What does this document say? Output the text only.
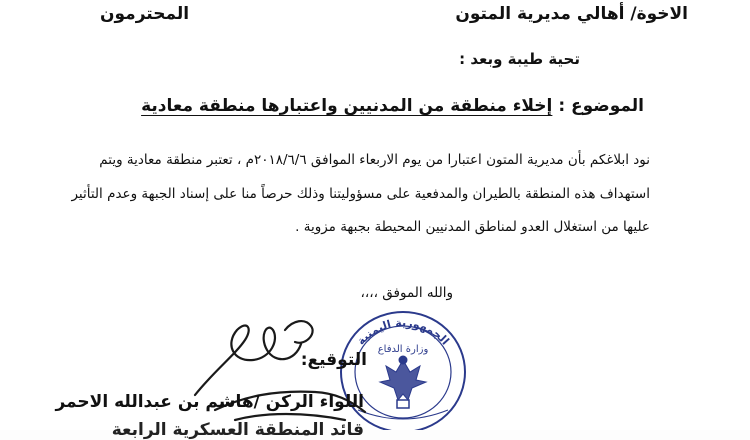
الاخوة/ أهالي مديرية المتون
المحترمون
تحية طيبة وبعد :
الموضوع : إخلاء منطقة من المدنيين واعتبارها منطقة معادية
نود ابلاغكم بأن مديرية المتون اعتبارا من يوم الاربعاء الموافق ٢٠١٨/٦/٦م ، تعتبر منطقة معادية ويتم
استهداف هذه المنطقة بالطيران والمدفعية على مسؤوليتنا وذلك حرصاً منا على إسناد الجبهة وعدم التأثير
عليها من استغلال العدو لمناطق المدنيين المحيطة بجبهة مزوية .
والله الموفق ،،،،
الجمهورية اليمنية
وزارة الدفاع
التوقيع:
اللواء الركن /هاشم بن عبدالله الاحمر
قائد المنطقة العسكرية الرابعة
